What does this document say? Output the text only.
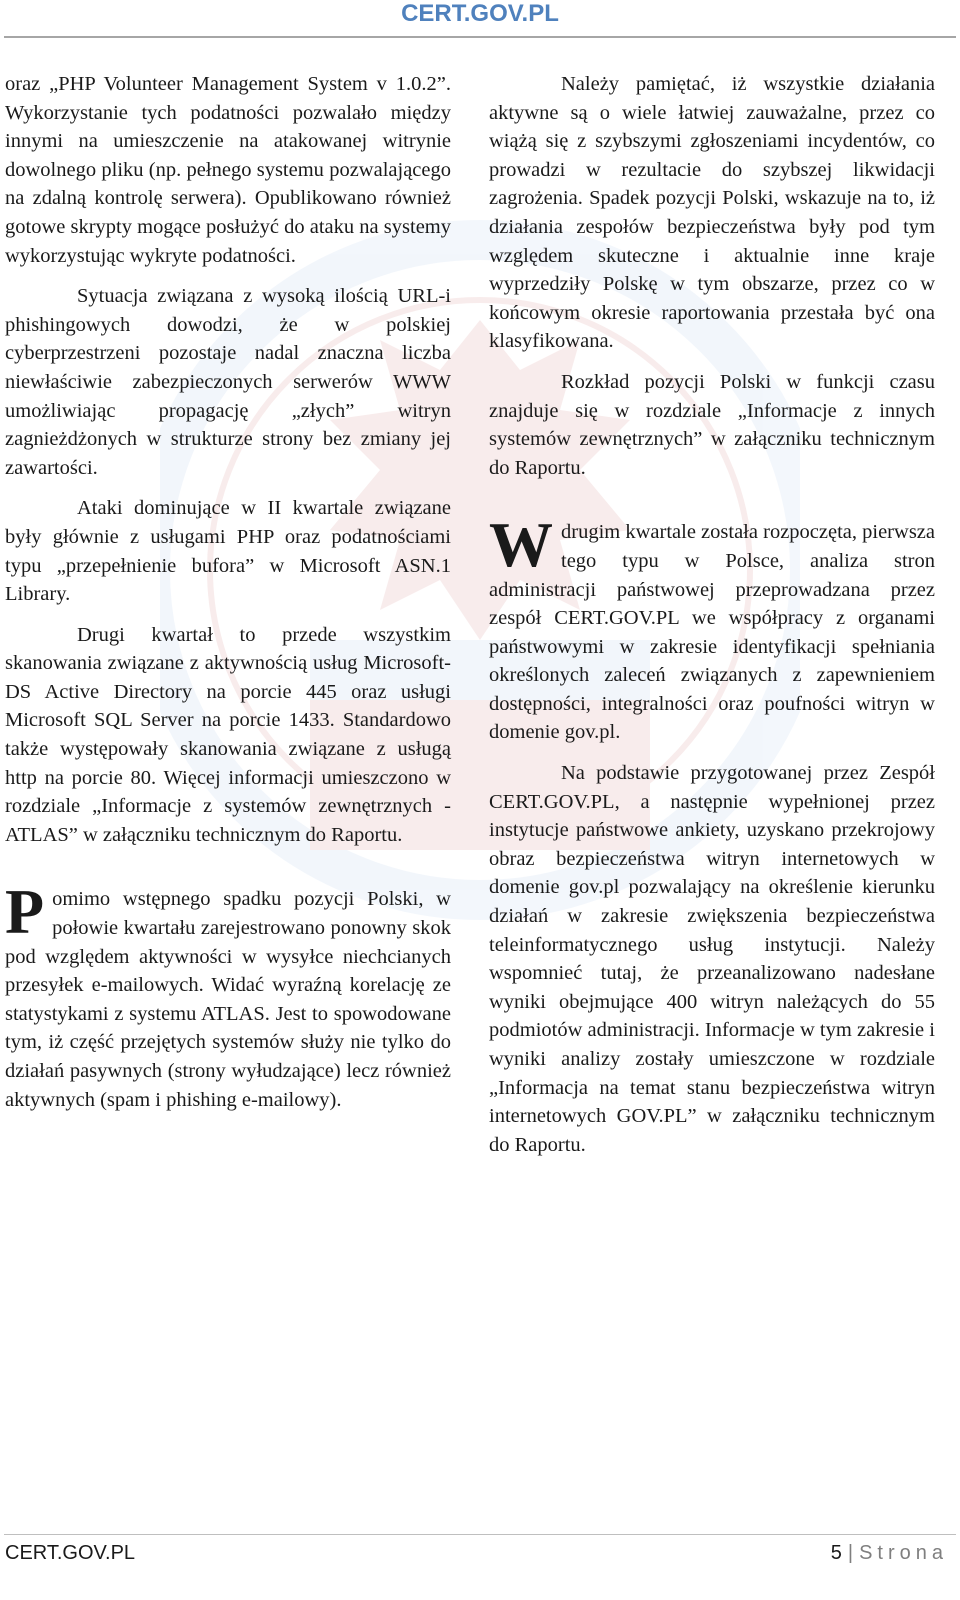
CERT.GOV.PL

oraz „PHP Volunteer Management System v 1.0.2”. Wykorzystanie tych podatności pozwalało między innymi na umieszczenie na atakowanej witrynie dowolnego pliku (np. pełnego systemu pozwalającego na zdalną kontrolę serwera). Opublikowano również gotowe skrypty mogące posłużyć do ataku na systemy wykorzystując wykryte podatności.

Sytuacja związana z wysoką ilością URL-i phishingowych dowodzi, że w polskiej cyberprzestrzeni pozostaje nadal znaczna liczba niewłaściwie zabezpieczonych serwerów WWW umożliwiając propagację „złych” witryn zagnieżdżonych w strukturze strony bez zmiany jej zawartości.

Ataki dominujące w II kwartale związane były głównie z usługami PHP oraz podatnościami typu „przepełnienie bufora” w Microsoft ASN.1 Library.

Drugi kwartał to przede wszystkim skanowania związane z aktywnością usług Microsoft-DS Active Directory na porcie 445 oraz usługi Microsoft SQL Server na porcie 1433. Standardowo także występowały skanowania związane z usługą http na porcie 80. Więcej informacji umieszczono w rozdziale „Informacje z systemów zewnętrznych - ATLAS” w załączniku technicznym do Raportu.

Pomimo wstępnego spadku pozycji Polski, w połowie kwartału zarejestrowano ponowny skok pod względem aktywności w wysyłce niechcianych przesyłek e-mailowych. Widać wyraźną korelację ze statystykami z systemu ATLAS. Jest to spowodowane tym, iż część przejętych systemów służy nie tylko do działań pasywnych (strony wyłudzające) lecz również aktywnych (spam i phishing e-mailowy).

Należy pamiętać, iż wszystkie działania aktywne są o wiele łatwiej zauważalne, przez co wiążą się z szybszymi zgłoszeniami incydentów, co prowadzi w rezultacie do szybszej likwidacji zagrożenia. Spadek pozycji Polski, wskazuje na to, iż działania zespołów bezpieczeństwa były pod tym względem skuteczne i aktualnie inne kraje wyprzedziły Polskę w tym obszarze, przez co w końcowym okresie raportowania przestała być ona klasyfikowana.

Rozkład pozycji Polski w funkcji czasu znajduje się w rozdziale „Informacje z innych systemów zewnętrznych” w załączniku technicznym do Raportu.

Wdrugim kwartale została rozpoczęta, pierwsza tego typu w Polsce, analiza stron administracji państwowej przeprowadzana przez zespół CERT.GOV.PL we współpracy z organami państwowymi w zakresie identyfikacji spełniania określonych zaleceń związanych z zapewnieniem dostępności, integralności oraz poufności witryn w domenie gov.pl.

Na podstawie przygotowanej przez Zespół CERT.GOV.PL, a następnie wypełnionej przez instytucje państwowe ankiety, uzyskano przekrojowy obraz bezpieczeństwa witryn internetowych w domenie gov.pl pozwalający na określenie kierunku działań w zakresie zwiększenia bezpieczeństwa teleinformatycznego usług instytucji. Należy wspomnieć tutaj, że przeanalizowano nadesłane wyniki obejmujące 400 witryn należących do 55 podmiotów administracji. Informacje w tym zakresie i wyniki analizy zostały umieszczone w rozdziale „Informacja na temat stanu bezpieczeństwa witryn internetowych GOV.PL” w załączniku technicznym do Raportu.

CERT.GOV.PL	5 | Strona
